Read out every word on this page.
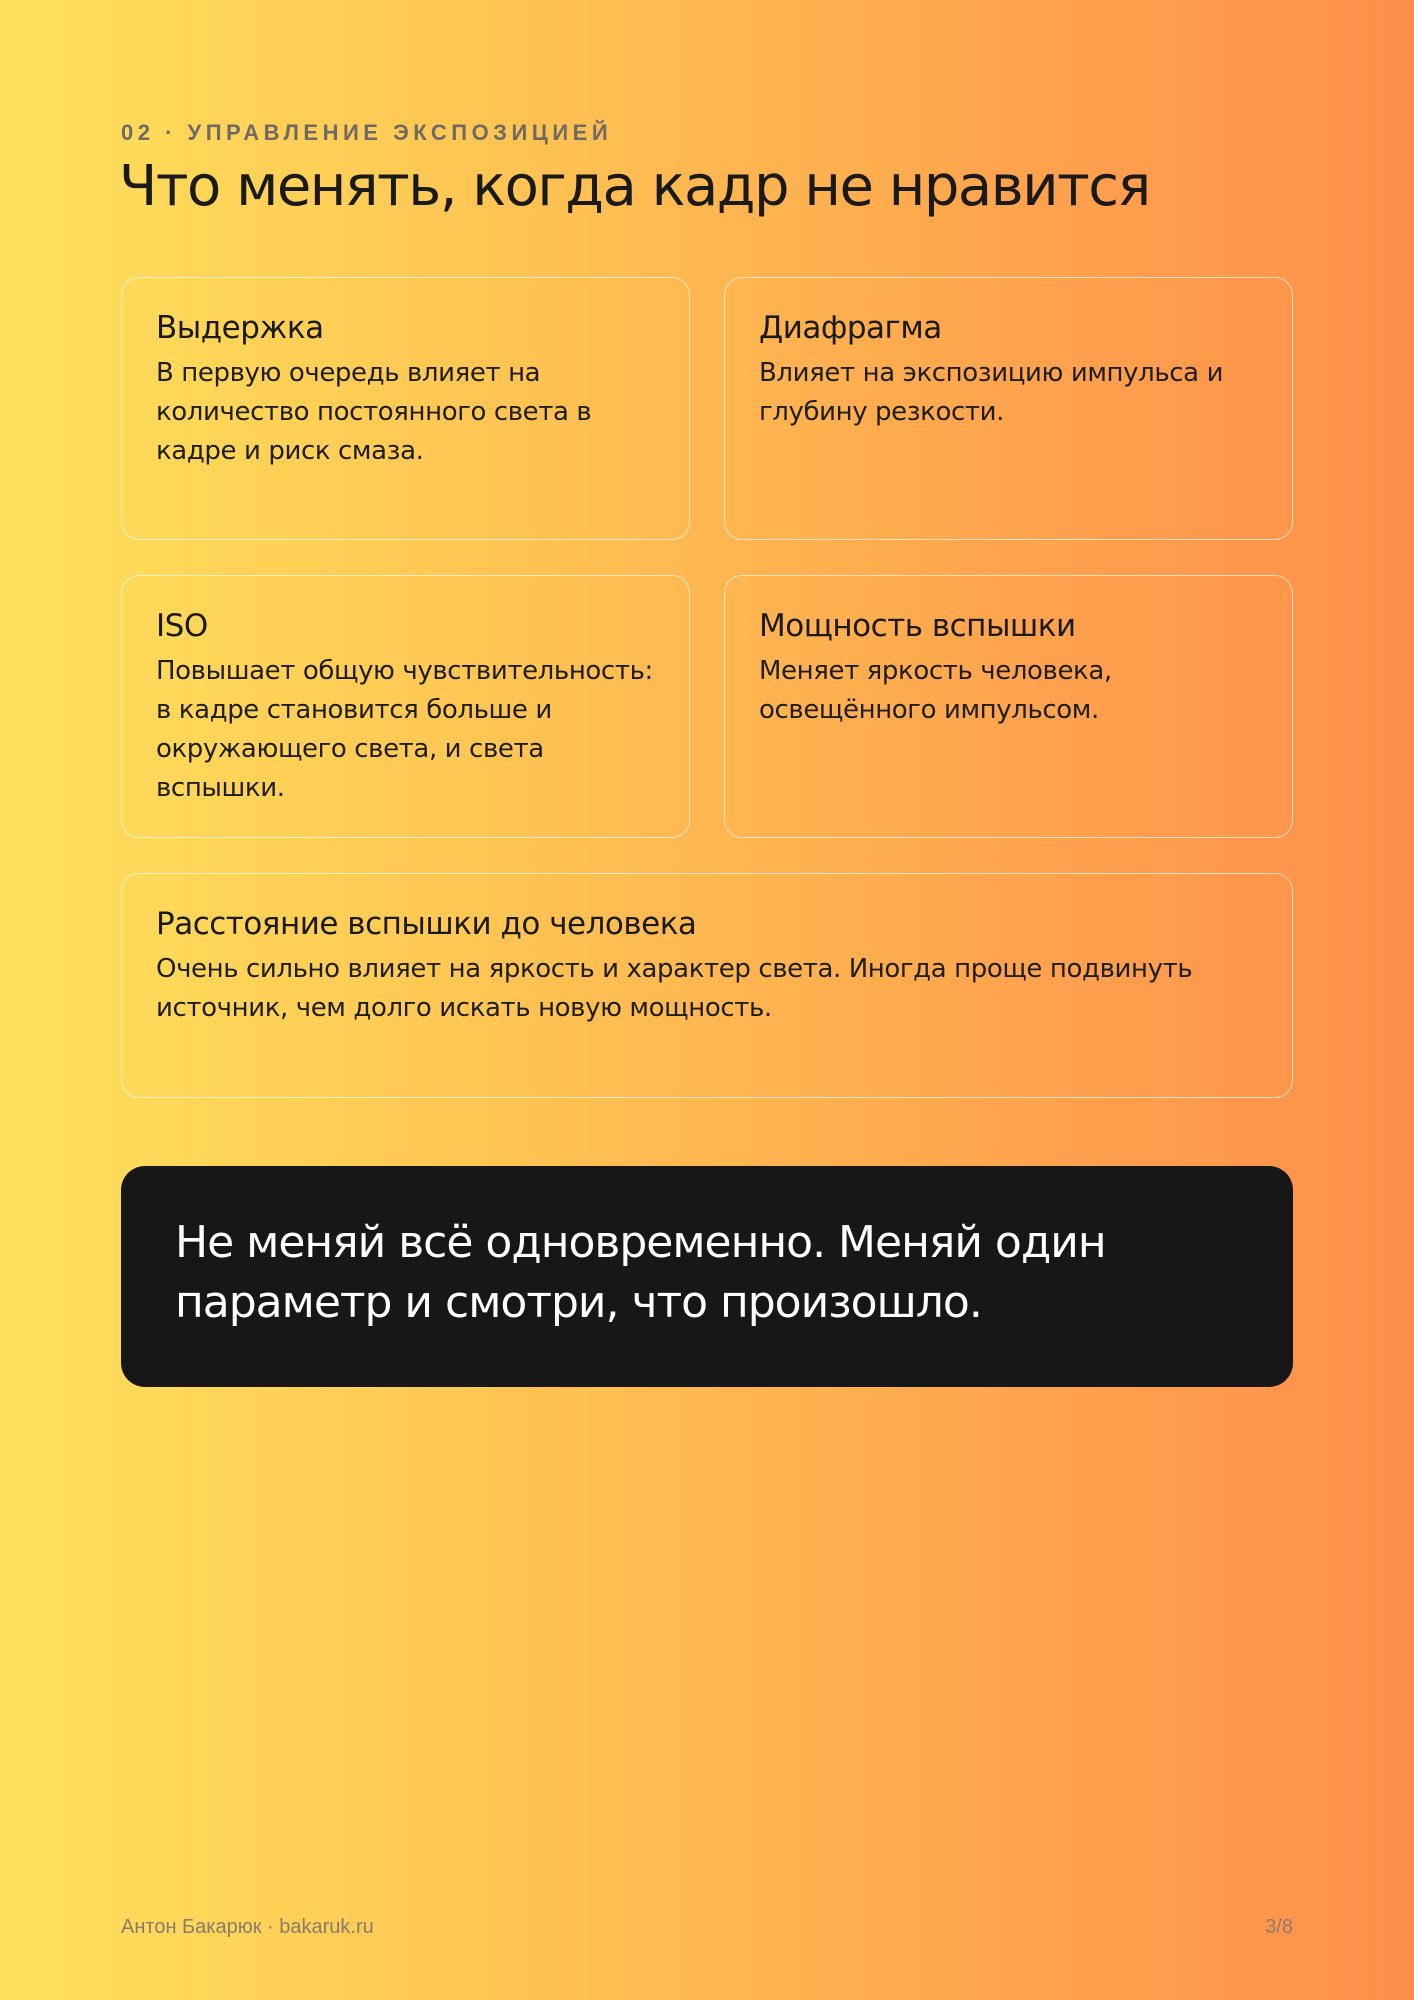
02 · УПРАВЛЕНИЕ ЭКСПОЗИЦИЕЙ
Что менять, когда кадр не нравится
Выдержка
В первую очередь влияет на количество постоянного света в кадре и риск смаза.
Диафрагма
Влияет на экспозицию импульса и глубину резкости.
ISO
Повышает общую чувствительность: в кадре становится больше и окружающего света, и света вспышки.
Мощность вспышки
Меняет яркость человека, освещённого импульсом.
Расстояние вспышки до человека
Очень сильно влияет на яркость и характер света. Иногда проще подвинуть источник, чем долго искать новую мощность.
Не меняй всё одновременно. Меняй один параметр и смотри, что произошло.
Антон Бакарюк · bakaruk.ru	3/8
